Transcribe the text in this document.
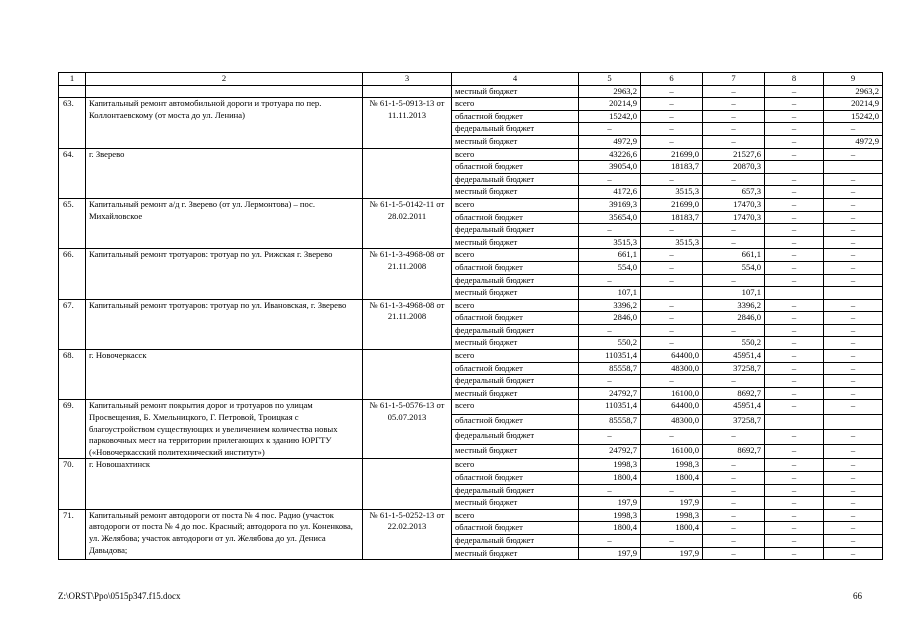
1	2	3	4	5	6	7	8	9
			местный бюджет	2963,2	–	–	–	2963,2
63.	Капитальный ремонт автомобильной дороги и тротуара по пер. Коллонтаевскому (от моста до ул. Ленина)	№ 61-1-5-0913-13 от 11.11.2013	всего	20214,9	–	–	–	20214,9
			областной бюджет	15242,0	–	–	–	15242,0
			федеральный бюджет	–	–	–	–	–
			местный бюджет	4972,9	–	–	–	4972,9
64.	г. Зверево		всего	43226,6	21699,0	21527,6	–	–
			областной бюджет	39054,0	18183,7	20870,3		
			федеральный бюджет	–	–	–	–	–
			местный бюджет	4172,6	3515,3	657,3	–	–
65.	Капитальный ремонт а/д г. Зверево (от ул. Лермонтова) – пос. Михайловское	№ 61-1-5-0142-11 от 28.02.2011	всего	39169,3	21699,0	17470,3	–	–
			областной бюджет	35654,0	18183,7	17470,3	–	–
			федеральный бюджет	–	–	–	–	–
			местный бюджет	3515,3	3515,3	–	–	–
66.	Капитальный ремонт тротуаров: тротуар по ул. Рижская г. Зверево	№ 61-1-3-4968-08 от 21.11.2008	всего	661,1	–	661,1	–	–
			областной бюджет	554,0	–	554,0	–	–
			федеральный бюджет	–	–	–	–	–
			местный бюджет	107,1		107,1		
67.	Капитальный ремонт тротуаров: тротуар по ул. Ивановская, г. Зверево	№ 61-1-3-4968-08 от 21.11.2008	всего	3396,2	–	3396,2	–	–
			областной бюджет	2846,0	–	2846,0	–	–
			федеральный бюджет	–	–	–	–	–
			местный бюджет	550,2	–	550,2	–	–
68.	г. Новочеркасск		всего	110351,4	64400,0	45951,4	–	–
			областной бюджет	85558,7	48300,0	37258,7	–	–
			федеральный бюджет	–	–	–	–	–
			местный бюджет	24792,7	16100,0	8692,7	–	–
69.	Капитальный ремонт покрытия дорог и тротуаров по улицам Просвещения, Б. Хмельницкого, Г. Петровой, Троицкая с благоустройством существующих и увеличением количества новых парковочных мест на территории прилегающих к зданию ЮРГТУ («Новочеркасский политехнический институт»)	№ 61-1-5-0576-13 от 05.07.2013	всего	110351,4	64400,0	45951,4	–	–
			областной бюджет	85558,7	48300,0	37258,7		
			федеральный бюджет	–	–	–	–	–
			местный бюджет	24792,7	16100,0	8692,7	–	–
70.	г. Новошахтинск		всего	1998,3	1998,3	–	–	–
			областной бюджет	1800,4	1800,4	–	–	–
			федеральный бюджет	–	–	–	–	–
			местный бюджет	197,9	197,9	–	–	–
71.	Капитальный ремонт автодороги от поста № 4 пос. Радио (участок автодороги от поста № 4 до пос. Красный; автодорога по ул. Коненкова, ул. Желябова; участок автодороги от ул. Желябова до ул. Дениса Давыдова;	№ 61-1-5-0252-13 от 22.02.2013	всего	1998,3	1998,3	–	–	–
			областной бюджет	1800,4	1800,4	–	–	–
			федеральный бюджет	–	–	–	–	–
			местный бюджет	197,9	197,9	–	–	–
Z:\ORST\Ppo\0515p347.f15.docx	66
